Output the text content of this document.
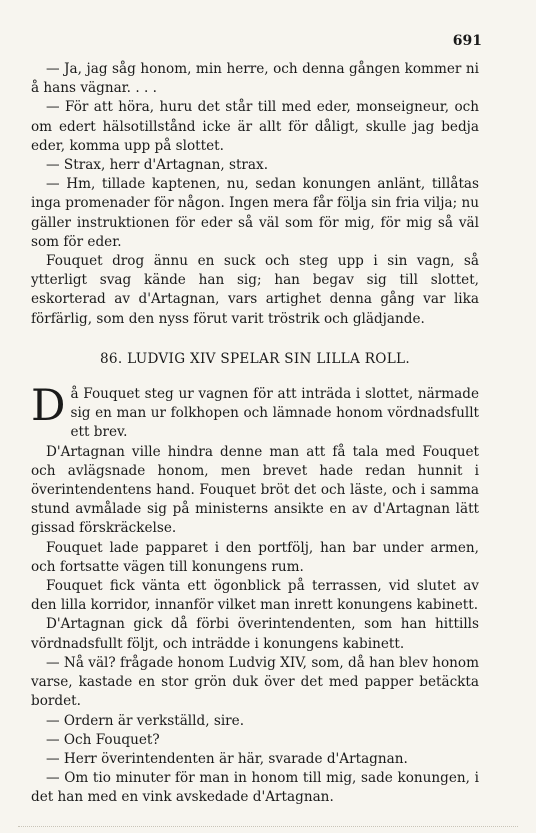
691

— Ja, jag såg honom, min herre, och denna gången kommer ni å hans vägnar. . . .

— För att höra, huru det står till med eder, monseigneur, och om edert hälsotillstånd icke är allt för dåligt, skulle jag bedja eder, komma upp på slottet.

— Strax, herr d'Artagnan, strax.

— Hm, tillade kaptenen, nu, sedan konungen anlänt, tillåtas inga promenader för någon. Ingen mera får följa sin fria vilja; nu gäller instruktionen för eder så väl som för mig, för mig så väl som för eder.

Fouquet drog ännu en suck och steg upp i sin vagn, så ytterligt svag kände han sig; han begav sig till slottet, eskorterad av d'Artagnan, vars artighet denna gång var lika förfärlig, som den nyss förut varit tröstrik och glädjande.

86. LUDVIG XIV SPELAR SIN LILLA ROLL.

Då Fouquet steg ur vagnen för att inträda i slottet, närmade sig en man ur folkhopen och lämnade honom vördnadsfullt ett brev.

D'Artagnan ville hindra denne man att få tala med Fouquet och avlägsnade honom, men brevet hade redan hunnit i överintendentens hand. Fouquet bröt det och läste, och i samma stund avmålade sig på ministerns ansikte en av d'Artagnan lätt gissad förskräckelse.

Fouquet lade papparet i den portfölj, han bar under armen, och fortsatte vägen till konungens rum.

Fouquet fick vänta ett ögonblick på terrassen, vid slutet av den lilla korridor, innanför vilket man inrett konungens kabinett.

D'Artagnan gick då förbi överintendenten, som han hittills vördnadsfullt följt, och inträdde i konungens kabinett.

— Nå väl? frågade honom Ludvig XIV, som, då han blev honom varse, kastade en stor grön duk över det med papper betäckta bordet.

— Ordern är verkställd, sire.

— Och Fouquet?

— Herr överintendenten är här, svarade d'Artagnan.

— Om tio minuter för man in honom till mig, sade konungen, i det han med en vink avskedade d'Artagnan.
